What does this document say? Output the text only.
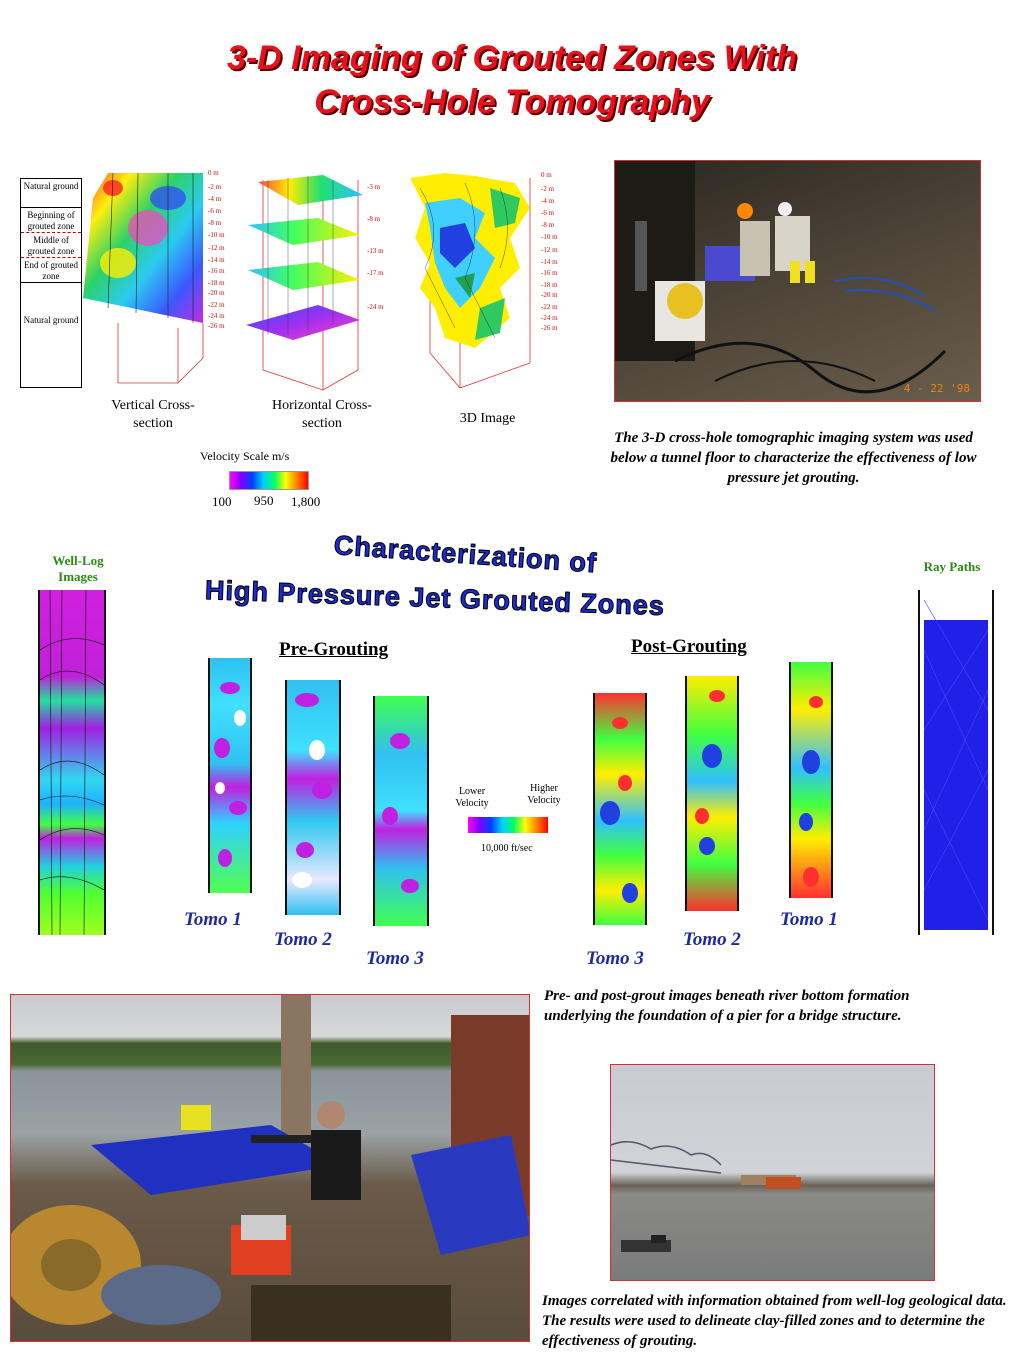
3-D Imaging of Grouted Zones With
Cross-Hole Tomography
Natural ground
Beginning of grouted zone
Middle of grouted zone
End of grouted zone
Natural ground
0 m
-2 m
-4 m
-6 m
-8 m
-10 m
-12 m
-14 m
-16 m
-18 m
-20 m
-22 m
-24 m
-26 m
-3 m
-8 m
-13 m
-17 m
-24 m
0 m
-2 m
-4 m
-6 m
-8 m
-10 m
-12 m
-14 m
-16 m
-18 m
-20 m
-22 m
-24 m
-26 m
Vertical Cross-section
Horizontal Cross-section	3D Image
Velocity Scale m/s
100 950 1,800
4 - 22 '98
The 3-D cross-hole tomographic imaging system was used below a tunnel floor to characterize the effectiveness of low pressure jet grouting.
Characterization of
High Pressure Jet Grouted Zones
Well-Log Images
Ray Paths
Pre-Grouting	Post-Grouting
Lower Velocity
Higher Velocity
10,000 ft/sec
Tomo 1
Tomo 2
Tomo 3	Tomo 3
Tomo 2
Tomo 1
Pre- and post-grout images beneath river bottom formation underlying the foundation of a pier for a bridge structure.
Images correlated with information obtained from well-log geological data. The results were used to delineate clay-filled zones and to determine the effectiveness of grouting.
